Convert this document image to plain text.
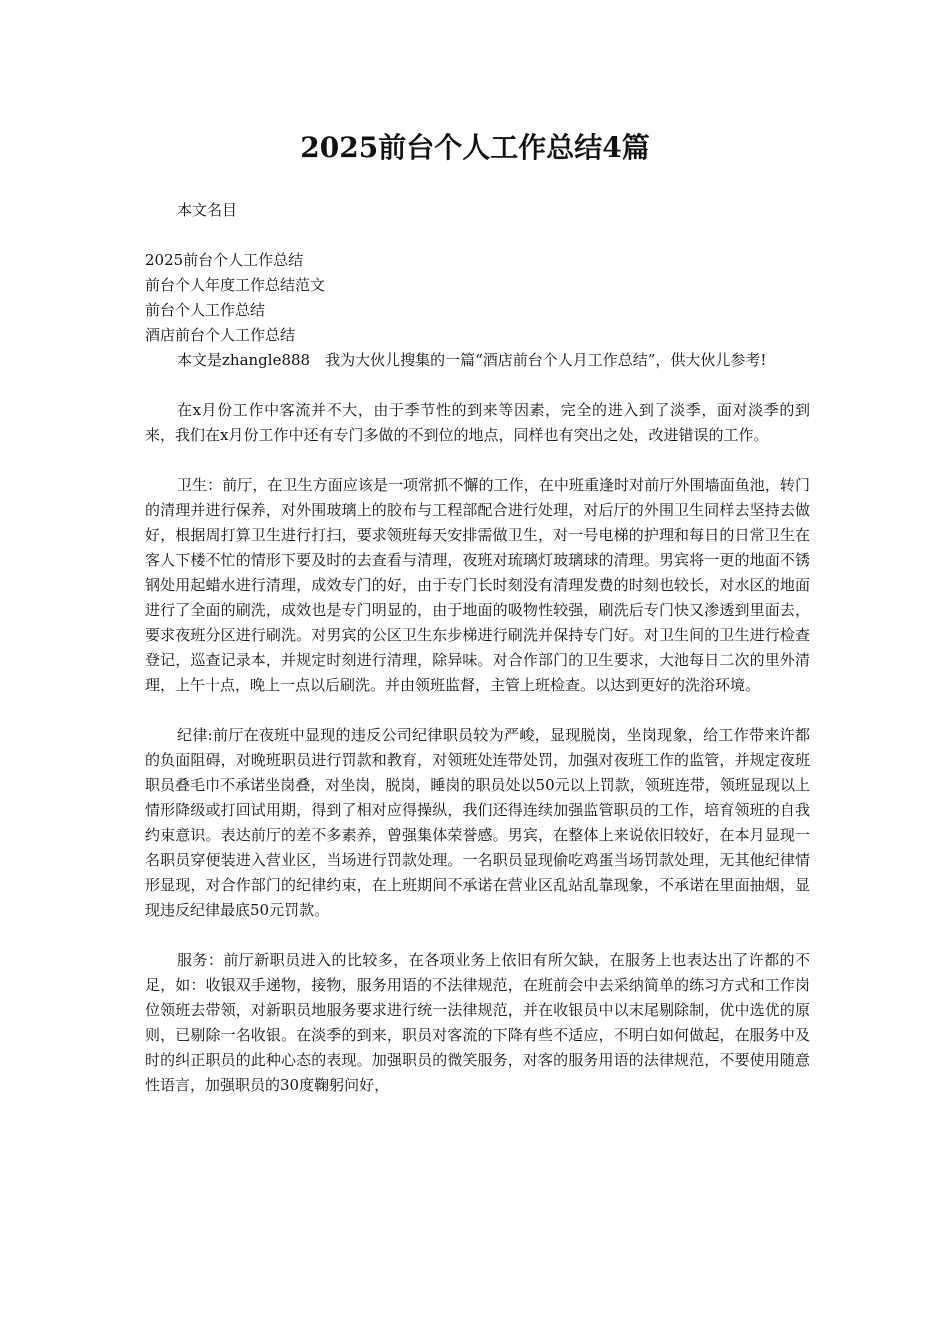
2025前台个人工作总结4篇

本文名目

2025前台个人工作总结
前台个人年度工作总结范文
前台个人工作总结
酒店前台个人工作总结

本文是zhangle888　我为大伙儿搜集的一篇“酒店前台个人月工作总结”，供大伙儿参考!

在x月份工作中客流并不大，由于季节性的到来等因素，完全的进入到了淡季，面对淡季的到来，我们在x月份工作中还有专门多做的不到位的地点，同样也有突出之处，改进错误的工作。

卫生：前厅，在卫生方面应该是一项常抓不懈的工作，在中班重逢时对前厅外围墙面鱼池，转门的清理并进行保养，对外围玻璃上的胶布与工程部配合进行处理，对后厅的外围卫生同样去坚持去做好，根据周打算卫生进行打扫，要求领班每天安排需做卫生，对一号电梯的护理和每日的日常卫生在客人下楼不忙的情形下要及时的去查看与清理，夜班对琉璃灯玻璃球的清理。男宾将一更的地面不锈钢处用起蜡水进行清理，成效专门的好，由于专门长时刻没有清理发费的时刻也较长，对水区的地面进行了全面的刷洗，成效也是专门明显的，由于地面的吸物性较强，刷洗后专门快又渗透到里面去，要求夜班分区进行刷洗。对男宾的公区卫生东步梯进行刷洗并保持专门好。对卫生间的卫生进行检查登记，巡查记录本，并规定时刻进行清理，除异味。对合作部门的卫生要求，大池每日二次的里外清理，上午十点，晚上一点以后刷洗。并由领班监督，主管上班检查。以达到更好的洗浴环境。

纪律:前厅在夜班中显现的违反公司纪律职员较为严峻，显现脱岗，坐岗现象，给工作带来许都的负面阻碍，对晚班职员进行罚款和教育，对领班处连带处罚，加强对夜班工作的监管，并规定夜班职员叠毛巾不承诺坐岗叠，对坐岗，脱岗，睡岗的职员处以50元以上罚款，领班连带，领班显现以上情形降级或打回试用期，得到了相对应得操纵，我们还得连续加强监管职员的工作，培育领班的自我约束意识。表达前厅的差不多素养，曾强集体荣誉感。男宾，在整体上来说依旧较好，在本月显现一名职员穿便装进入营业区，当场进行罚款处理。一名职员显现偷吃鸡蛋当场罚款处理，无其他纪律情形显现，对合作部门的纪律约束，在上班期间不承诺在营业区乱站乱靠现象，不承诺在里面抽烟，显现违反纪律最底50元罚款。

服务：前厅新职员进入的比较多，在各项业务上依旧有所欠缺，在服务上也表达出了许都的不足，如：收银双手递物，接物，服务用语的不法律规范，在班前会中去采纳简单的练习方式和工作岗位领班去带领，对新职员地服务要求进行统一法律规范，并在收银员中以末尾剔除制，优中选优的原则，已剔除一名收银。在淡季的到来，职员对客流的下降有些不适应，不明白如何做起，在服务中及时的纠正职员的此种心态的表现。加强职员的微笑服务，对客的服务用语的法律规范，不要使用随意性语言，加强职员的30度鞠躬问好，
